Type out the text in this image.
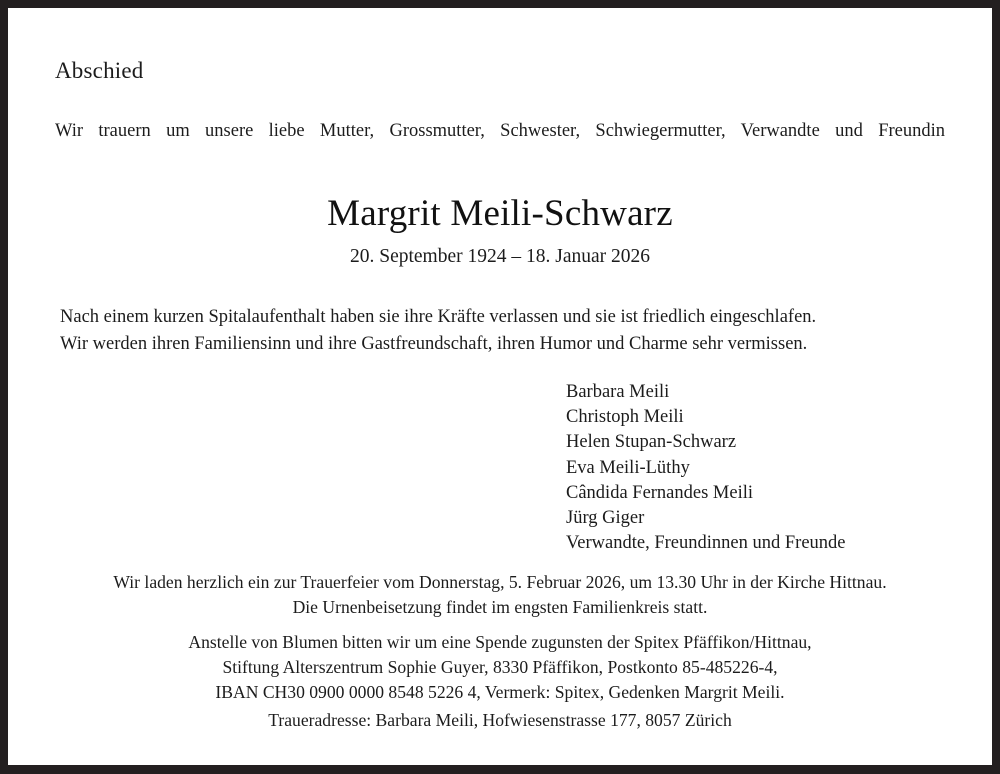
Abschied
Wir trauern um unsere liebe Mutter, Grossmutter, Schwester, Schwiegermutter, Verwandte und Freundin
Margrit Meili-Schwarz
20. September 1924 – 18. Januar 2026
Nach einem kurzen Spitalaufenthalt haben sie ihre Kräfte verlassen und sie ist friedlich eingeschlafen.
Wir werden ihren Familiensinn und ihre Gastfreundschaft, ihren Humor und Charme sehr vermissen.
Barbara Meili
Christoph Meili
Helen Stupan-Schwarz
Eva Meili-Lüthy
Cândida Fernandes Meili
Jürg Giger
Verwandte, Freundinnen und Freunde
Wir laden herzlich ein zur Trauerfeier vom Donnerstag, 5. Februar 2026, um 13.30 Uhr in der Kirche Hittnau.
Die Urnenbeisetzung findet im engsten Familienkreis statt.
Anstelle von Blumen bitten wir um eine Spende zugunsten der Spitex Pfäffikon/Hittnau,
Stiftung Alterszentrum Sophie Guyer, 8330 Pfäffikon, Postkonto 85-485226-4,
IBAN CH30 0900 0000 8548 5226 4, Vermerk: Spitex, Gedenken Margrit Meili.
Traueradresse: Barbara Meili, Hofwiesenstrasse 177, 8057 Zürich
